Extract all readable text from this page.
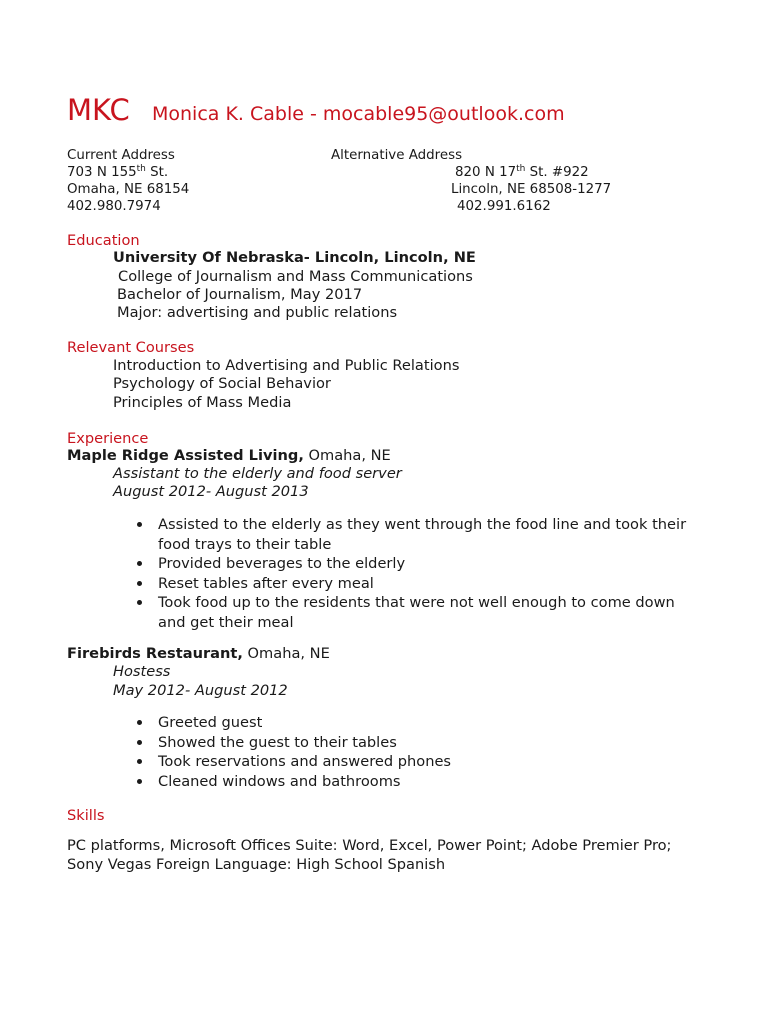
MKC Monica K. Cable - mocable95@outlook.com
Current Address
703 N 155th St.
Omaha, NE 68154
402.980.7974
Alternative Address
820 N 17th St. #922
Lincoln, NE 68508-1277
402.991.6162
Education
University Of Nebraska- Lincoln, Lincoln, NE
College of Journalism and Mass Communications
Bachelor of Journalism, May 2017
Major: advertising and public relations
Relevant Courses
Introduction to Advertising and Public Relations
Psychology of Social Behavior
Principles of Mass Media
Experience
Maple Ridge Assisted Living, Omaha, NE
Assistant to the elderly and food server
August 2012- August 2013
Assisted to the elderly as they went through the food line and took their food trays to their table
Provided beverages to the elderly
Reset tables after every meal
Took food up to the residents that were not well enough to come down and get their meal
Firebirds Restaurant, Omaha, NE
Hostess
May 2012- August 2012
Greeted guest
Showed the guest to their tables
Took reservations and answered phones
Cleaned windows and bathrooms
Skills
PC platforms, Microsoft Offices Suite: Word, Excel, Power Point; Adobe Premier Pro; Sony Vegas Foreign Language: High School Spanish
